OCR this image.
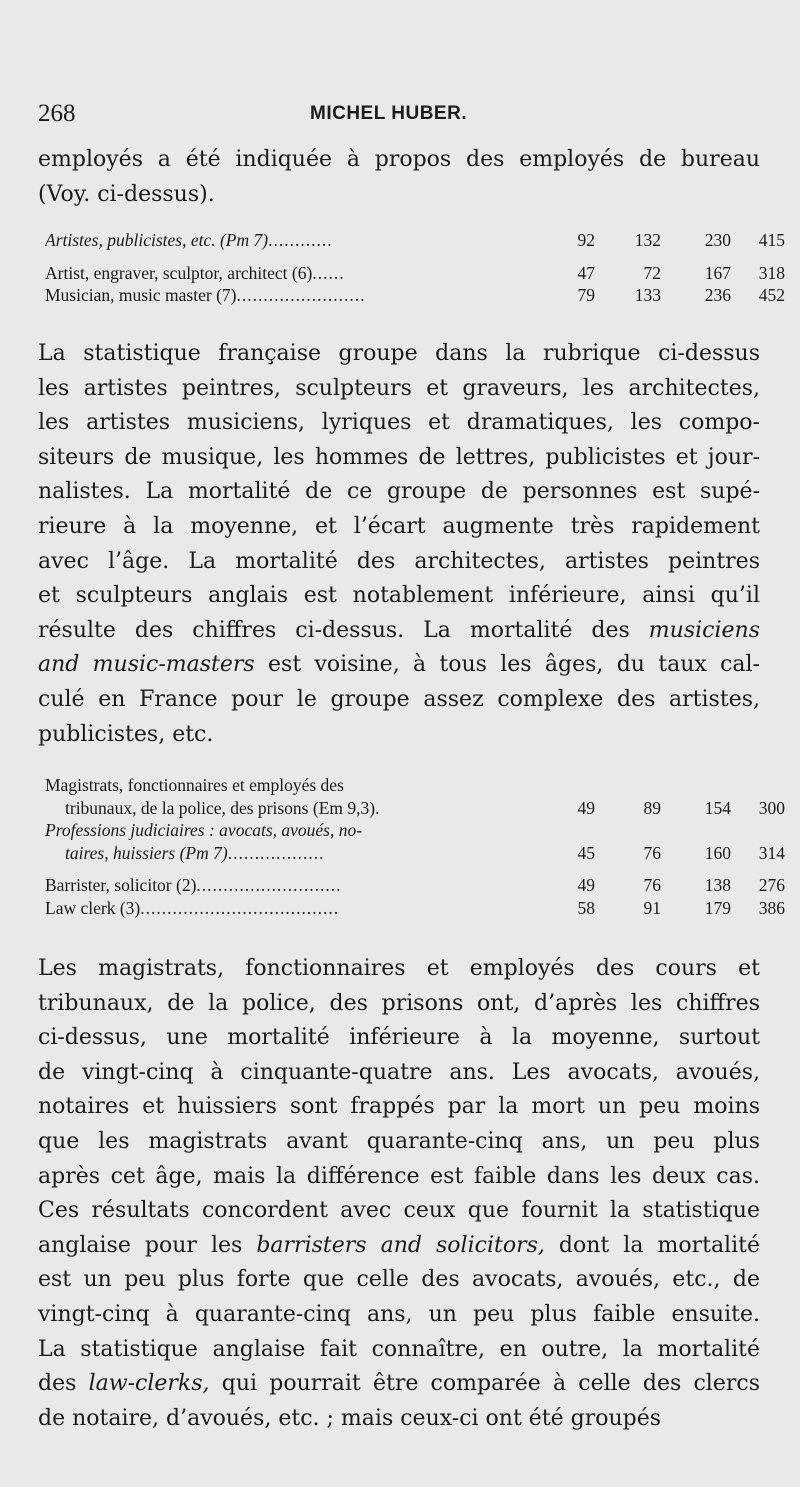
268	MICHEL HUBER.
employés a été indiquée à propos des employés de bureau
(Voy. ci-dessus).
Artistes, publicistes, etc. (Pm 7)............	92	132	230	415
Artist, engraver, sculptor, architect (6)......	47	72	167	318
Musician, music master (7)........................	79	133	236	452
La statistique française groupe dans la rubrique ci-dessus
les artistes peintres, sculpteurs et graveurs, les architectes,
les artistes musiciens, lyriques et dramatiques, les compo-
siteurs de musique, les hommes de lettres, publicistes et jour-
nalistes. La mortalité de ce groupe de personnes est supé-
rieure à la moyenne, et l’écart augmente très rapidement
avec l’âge. La mortalité des architectes, artistes peintres
et sculpteurs anglais est notablement inférieure, ainsi qu’il
résulte des chiffres ci-dessus. La mortalité des musiciens
and music-masters est voisine, à tous les âges, du taux cal-
culé en France pour le groupe assez complexe des artistes,
publicistes, etc.
Magistrats, fonctionnaires et employés des
tribunaux, de la police, des prisons (Em 9,3).	49	89	154	300
Professions judiciaires : avocats, avoués, no-
taires, huissiers (Pm 7)..................	45	76	160	314
Barrister, solicitor (2)...........................	49	76	138	276
Law clerk (3).....................................	58	91	179	386
Les magistrats, fonctionnaires et employés des cours et
tribunaux, de la police, des prisons ont, d’après les chiffres
ci-dessus, une mortalité inférieure à la moyenne, surtout
de vingt-cinq à cinquante-quatre ans. Les avocats, avoués,
notaires et huissiers sont frappés par la mort un peu moins
que les magistrats avant quarante-cinq ans, un peu plus
après cet âge, mais la différence est faible dans les deux cas.
Ces résultats concordent avec ceux que fournit la statistique
anglaise pour les barristers and solicitors, dont la mortalité
est un peu plus forte que celle des avocats, avoués, etc., de
vingt-cinq à quarante-cinq ans, un peu plus faible ensuite.
La statistique anglaise fait connaître, en outre, la mortalité
des law-clerks, qui pourrait être comparée à celle des clercs
de notaire, d’avoués, etc. ; mais ceux-ci ont été groupés
